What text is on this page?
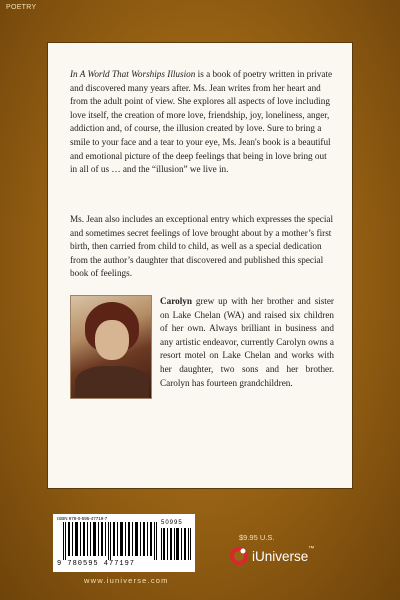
POETRY

In A World That Worships Illusion is a book of poetry written in private and discovered many years after. Ms. Jean writes from her heart and from the adult point of view. She explores all aspects of love including love itself, the creation of more love, friendship, joy, loneliness, anger, addiction and, of course, the illusion created by love. Sure to bring a smile to your face and a tear to your eye, Ms. Jean's book is a beautiful and emotional picture of the deep feelings that being in love bring out in all of us … and the “illusion” we live in.

Ms. Jean also includes an exceptional entry which expresses the special and sometimes secret feelings of love brought about by a mother’s first birth, then carried from child to child, as well as a special dedication from the author’s daughter that discovered and published this special book of feelings.

Carolyn grew up with her brother and sister on Lake Chelan (WA) and raised six children of her own. Always brilliant in business and any artistic endeavor, currently Carolyn owns a resort motel on Lake Chelan and works with her daughter, two sons and her brother. Carolyn has fourteen grandchildren.

ISBN 978-0-595-47719-7
50995
9 780595 477197
www.iuniverse.com
$9.95 U.S.
iUniverse ™
